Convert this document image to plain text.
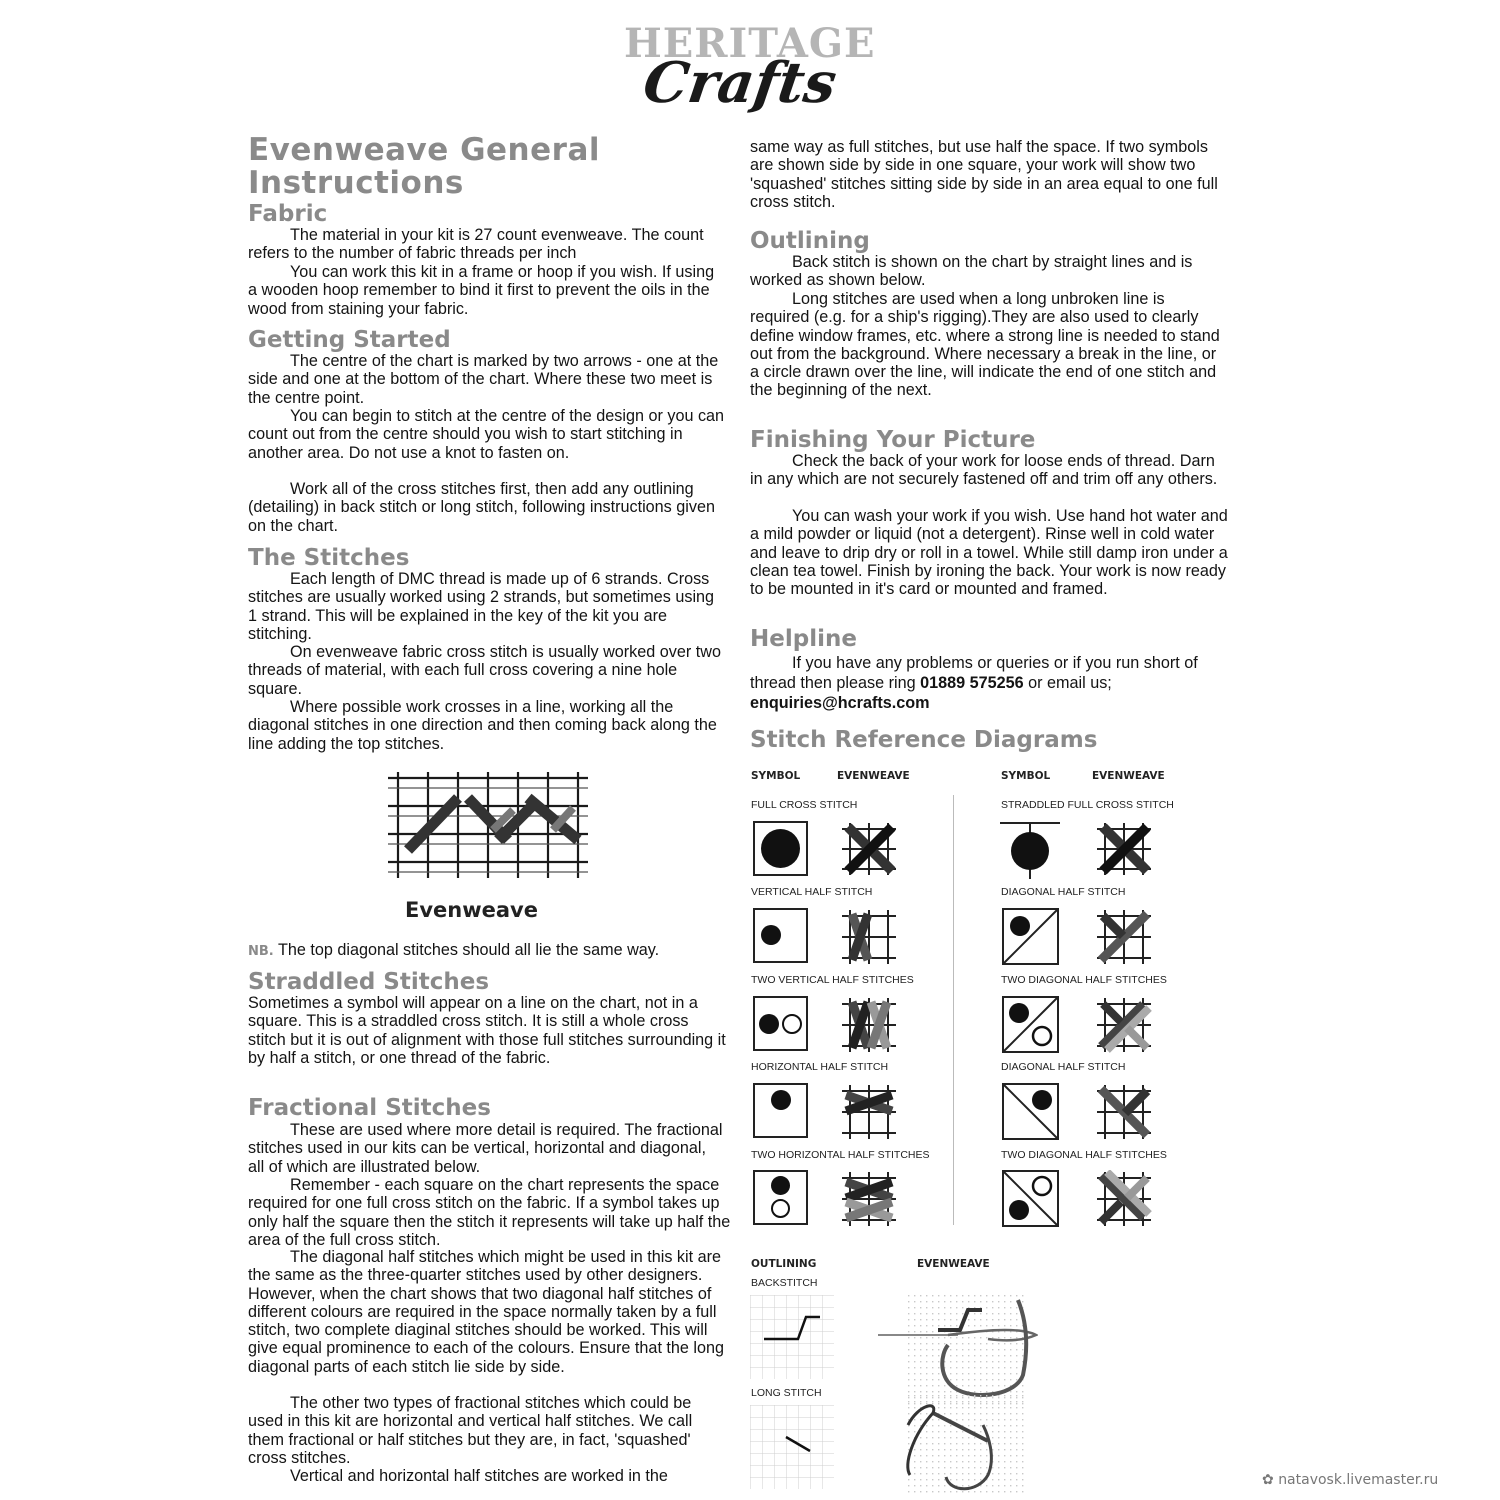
HERITAGE
Crafts
Evenweave General Instructions
Fabric

The material in your kit is 27 count evenweave. The count refers to the number of fabric threads per inch

You can work this kit in a frame or hoop if you wish. If using a wooden hoop remember to bind it first to prevent the oils in the wood from staining your fabric.

Getting Started

The centre of the chart is marked by two arrows - one at the side and one at the bottom of the chart. Where these two meet is the centre point.

You can begin to stitch at the centre of the design or you can count out from the centre should you wish to start stitching in another area. Do not use a knot to fasten on.

Work all of the cross stitches first, then add any outlining (detailing) in back stitch or long stitch, following instructions given on the chart.

The Stitches

Each length of DMC thread is made up of 6 strands. Cross stitches are usually worked using 2 strands, but sometimes using 1 strand. This will be explained in the key of the kit you are stitching.

On evenweave fabric cross stitch is usually worked over two threads of material, with each full cross covering a nine hole square.

Where possible work crosses in a line, working all the diagonal stitches in one direction and then coming back along the line adding the top stitches.

Evenweave

NB. The top diagonal stitches should all lie the same way.

Straddled Stitches

Sometimes a symbol will appear on a line on the chart, not in a square. This is a straddled cross stitch. It is still a whole cross stitch but it is out of alignment with those full stitches surrounding it by half a stitch, or one thread of the fabric.

Fractional Stitches

These are used where more detail is required. The fractional stitches used in our kits can be vertical, horizontal and diagonal, all of which are illustrated below.

Remember - each square on the chart represents the space required for one full cross stitch on the fabric. If a symbol takes up only half the square then the stitch it represents will take up half the area of the full cross stitch.

The diagonal half stitches which might be used in this kit are the same as the three-quarter stitches used by other designers. However, when the chart shows that two diagonal half stitches of different colours are required in the space normally taken by a full stitch, two complete diaginal stitches should be worked. This will give equal prominence to each of the colours. Ensure that the long diagonal parts of each stitch lie side by side.

The other two types of fractional stitches which could be used in this kit are horizontal and vertical half stitches. We call them fractional or half stitches but they are, in fact, 'squashed' cross stitches.

Vertical and horizontal half stitches are worked in the

same way as full stitches, but use half the space. If two symbols are shown side by side in one square, your work will show two 'squashed' stitches sitting side by side in an area equal to one full cross stitch.

Outlining

Back stitch is shown on the chart by straight lines and is worked as shown below.

Long stitches are used when a long unbroken line is required (e.g. for a ship's rigging).They are also used to clearly define window frames, etc. where a strong line is needed to stand out from the background. Where necessary a break in the line, or a circle drawn over the line, will indicate the end of one stitch and the beginning of the next.

Finishing Your Picture

Check the back of your work for loose ends of thread. Darn in any which are not securely fastened off and trim off any others.

You can wash your work if you wish. Use hand hot water and a mild powder or liquid (not a detergent). Rinse well in cold water and leave to drip dry or roll in a towel. While still damp iron under a clean tea towel. Finish by ironing the back. Your work is now ready to be mounted in it's card or mounted and framed.

Helpline

If you have any problems or queries or if you run short of thread then please ring 01889 575256 or email us; enquiries@hcrafts.com

Stitch Reference Diagrams
SYMBOL	EVENWEAVE	SYMBOL	EVENWEAVE
FULL CROSS STITCH
VERTICAL HALF STITCH
TWO VERTICAL HALF STITCHES
HORIZONTAL HALF STITCH
TWO HORIZONTAL HALF STITCHES
STRADDLED FULL CROSS STITCH
DIAGONAL HALF STITCH
TWO DIAGONAL HALF STITCHES
DIAGONAL HALF STITCH
TWO DIAGONAL HALF STITCHES
OUTLINING	EVENWEAVE
BACKSTITCH
LONG STITCH
✿ natavosk.livemaster.ru
